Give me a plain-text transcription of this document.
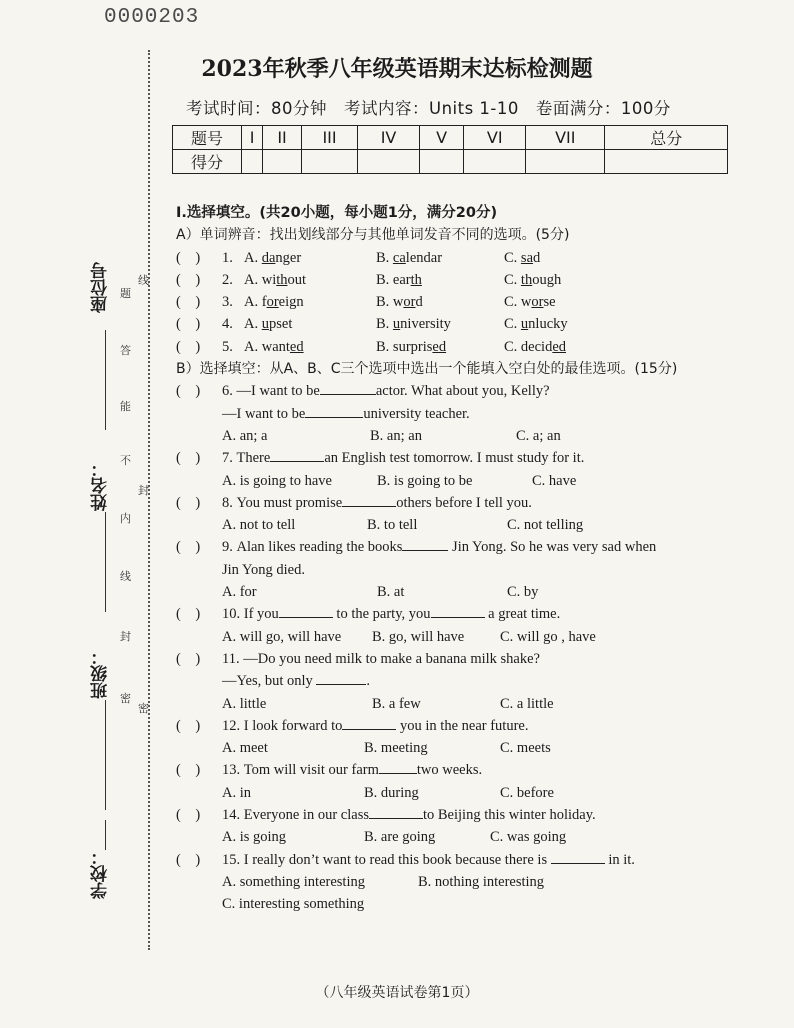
0000203
座位号
姓名：
班级：
学校：
线
题
答
能
不
封
内
线
封
密
密
2023年秋季八年级英语期末达标检测题
考试时间：80分钟　考试内容：Units 1-10　卷面满分：100分
题号	I	II	III	IV	V	VI	VII	总分
得分								
Ⅰ.选择填空。(共20小题，每小题1分，满分20分)
A）单词辨音：找出划线部分与其他单词发音不同的选项。(5分)
(　)	1. A. danger	B. calendar	C. sad
(　)	2. A. without	B. earth	C. though
(　)	3. A. foreign	B. word	C. worse
(　)	4. A. upset	B. university	C. unlucky
(　)	5. A. wanted	B. surprised	C. decided
B）选择填空：从A、B、C三个选项中选出一个能填入空白处的最佳选项。(15分)
(　)	6.
—I want to be	actor. What about you, Kelly?
—I want to be	university teacher.
A. an; a	B. an; an	C. a; an
(　)	7.
There	an English test tomorrow. I must study for it.
A. is going to have	B. is going to be	C. have
(　)	8.
You must promise	others before I tell you.
A. not to tell	B. to tell	C. not telling
(　)	9.
Alan likes reading the books
	Jin Yong. So he was very sad when
Jin Yong died.
A. for	B. at	C. by
(　)	10.
If you
	to the party, you
	a great time.
A. will go, will have	B. go, will have	C. will go , have
(　)	11.
—Do you need milk to make a banana milk shake?
—Yes, but only
	.
A. little	B. a few	C. a little
(　)	12.
I look forward to
	you in the near future.
A. meet	B. meeting	C. meets
(　)	13.
Tom will visit our farm	two weeks.
A. in	B. during	C. before
(　)	14.
Everyone in our class	to Beijing this winter holiday.
A. is going	B. are going	C. was going
(　)	15.
I really don’t want to read this book because there is

	in it.
A. something interesting	B. nothing interesting
C. interesting something
（八年级英语试卷第1页）
